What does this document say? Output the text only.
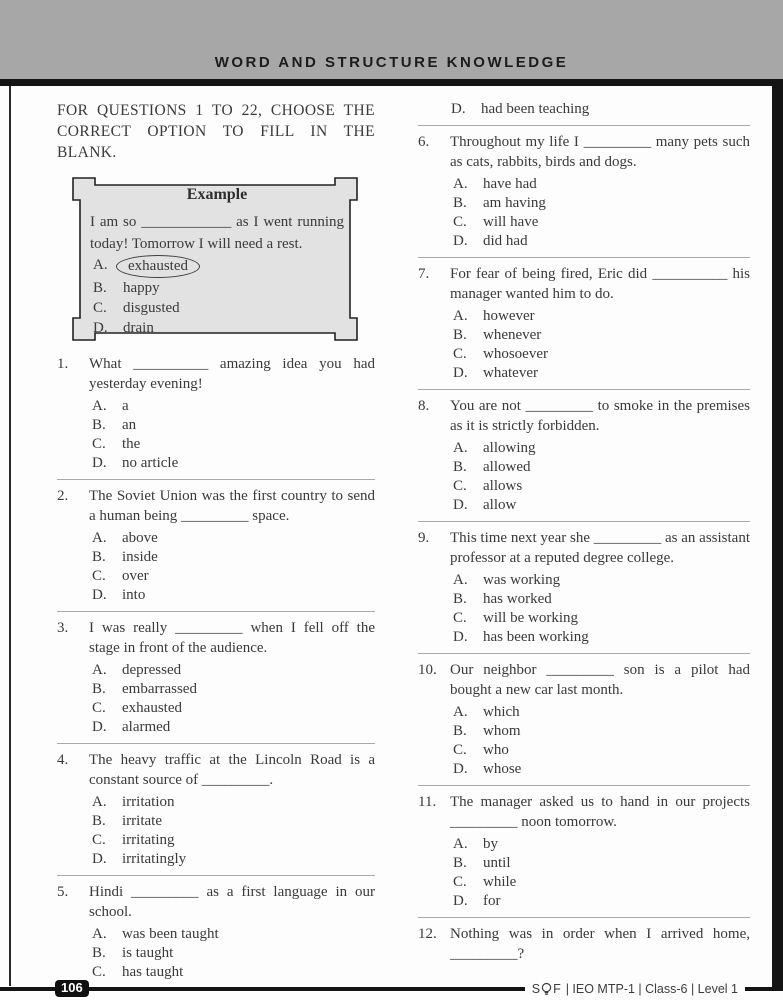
WORD AND STRUCTURE KNOWLEDGE
FOR QUESTIONS 1 TO 22, CHOOSE THE CORRECT OPTION TO FILL IN THE BLANK.
Example
I am so ____________ as I went running today! Tomorrow I will need a rest.
A.	exhausted
B.	happy
C.	disgusted
D.	drain
1.	What __________ amazing idea you had yesterday evening!
A.	a
B.	an
C.	the
D.	no article
2.	The Soviet Union was the first country to send a human being _________ space.
A.	above
B.	inside
C.	over
D.	into
3.	I was really _________ when I fell off the stage in front of the audience.
A.	depressed
B.	embarrassed
C.	exhausted
D.	alarmed
4.	The heavy traffic at the Lincoln Road is a constant source of _________.
A.	irritation
B.	irritate
C.	irritating
D.	irritatingly
5.	Hindi _________ as a first language in our school.
A.	was been taught
B.	is taught
C.	has taught
D.	had been teaching
6.	Throughout my life I _________ many pets such as cats, rabbits, birds and dogs.
A.	have had
B.	am having
C.	will have
D.	did had
7.	For fear of being fired, Eric did __________ his manager wanted him to do.
A.	however
B.	whenever
C.	whosoever
D.	whatever
8.	You are not _________ to smoke in the premises as it is strictly forbidden.
A.	allowing
B.	allowed
C.	allows
D.	allow
9.	This time next year she _________ as an assistant professor at a reputed degree college.
A.	was working
B.	has worked
C.	will be working
D.	has been working
10. Our neighbor _________ son is a pilot had bought a new car last month.
A.	which
B.	whom
C.	who
D.	whose
11. The manager asked us to hand in our projects _________ noon tomorrow.
A.	by
B.	until
C.	while
D.	for
12. Nothing was in order when I arrived home, _________?
S F | IEO MTP-1 | Class-6 | Level 1
106
